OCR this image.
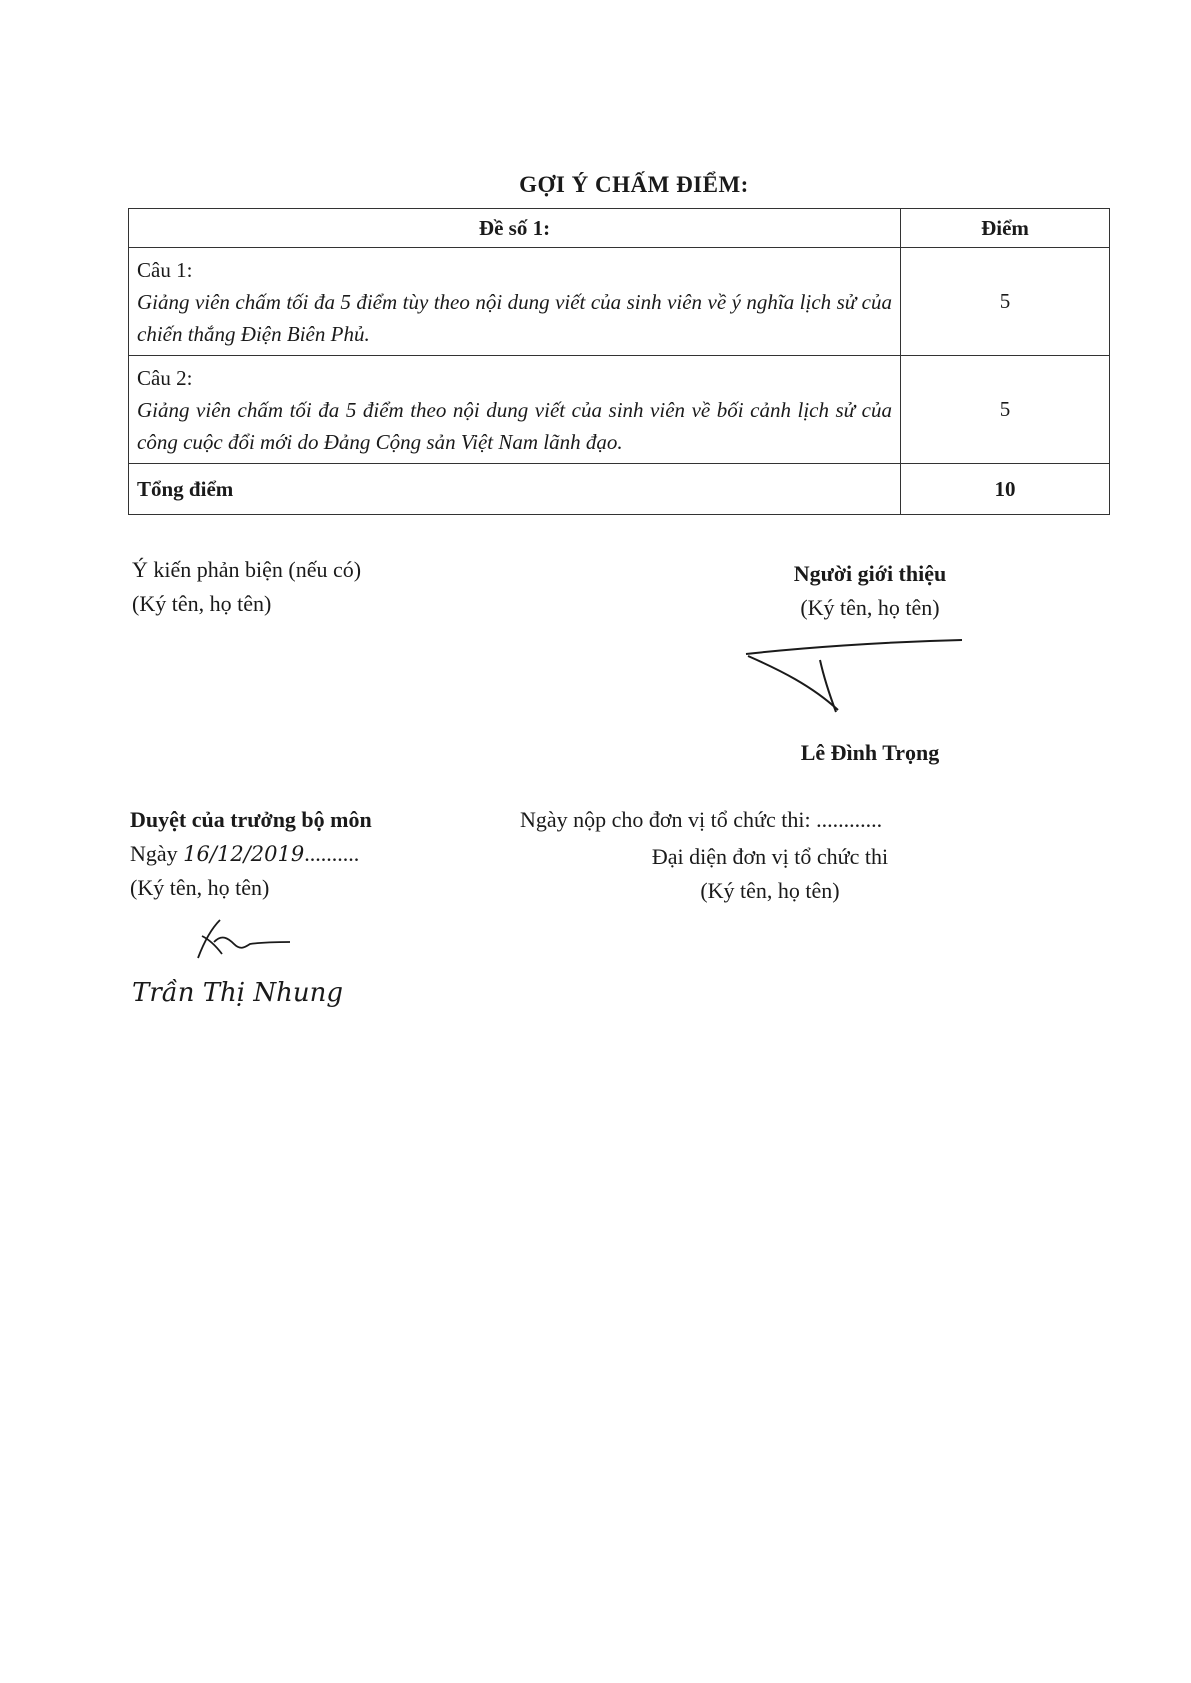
GỢI Ý CHẤM ĐIỂM:
Đề số 1:	Điểm

Câu 1:
Giảng viên chấm tối đa 5 điểm tùy theo nội dung viết của sinh viên về ý nghĩa lịch sử của chiến thắng Điện Biên Phủ.	5

Câu 2:
Giảng viên chấm tối đa 5 điểm theo nội dung viết của sinh viên về bối cảnh lịch sử của công cuộc đổi mới do Đảng Cộng sản Việt Nam lãnh đạo.	5
Tổng điểm	10
Ý kiến phản biện (nếu có)
(Ký tên, họ tên)
Người giới thiệu
(Ký tên, họ tên)
Lê Đình Trọng
Duyệt của trưởng bộ môn
Ngày 16/12/2019..........
(Ký tên, họ tên)
Trần Thị Nhung
Ngày nộp cho đơn vị tổ chức thi: ............
Đại diện đơn vị tổ chức thi
(Ký tên, họ tên)
